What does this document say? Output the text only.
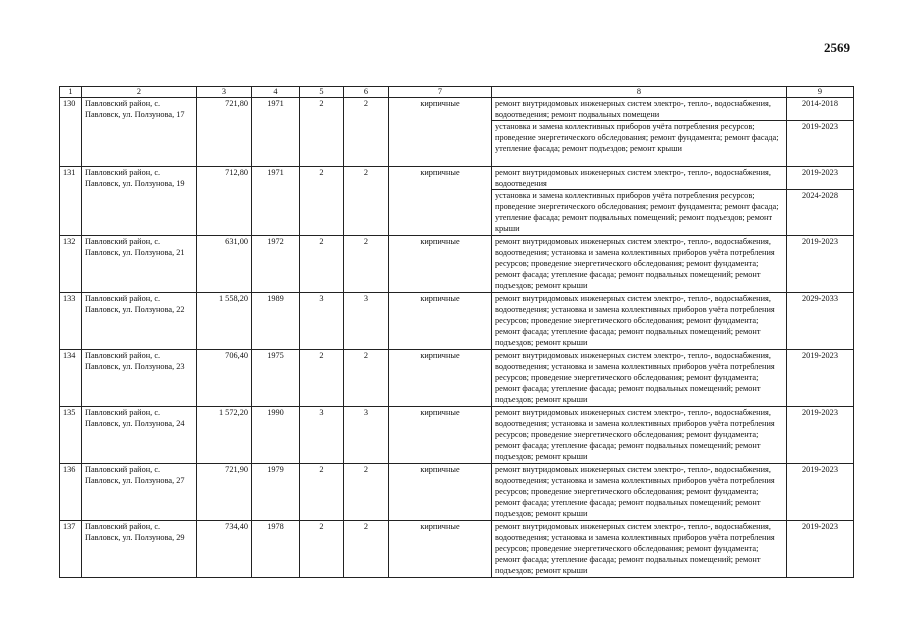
2569
1	2	3	4	5	6	7	8	9
130	Павловский район, с. Павловск, ул. Ползунова, 17	721,80	1971	2	2	кирпичные	ремонт внутридомовых инженерных систем электро-, тепло-, водоснабжения, водоотведения; ремонт подвальных помещени	2014-2018
							установка и замена коллективных приборов учёта потребления ресурсов; проведение энергетического обследования; ремонт фундамента; ремонт фасада; утепление фасада; ремонт подъездов; ремонт крыши	2019-2023
131	Павловский район, с. Павловск, ул. Ползунова, 19	712,80	1971	2	2	кирпичные	ремонт внутридомовых инженерных систем электро-, тепло-, водоснабжения, водоотведения	2019-2023
							установка и замена коллективных приборов учёта потребления ресурсов; проведение энергетического обследования; ремонт фундамента; ремонт фасада; утепление фасада; ремонт подвальных помещений; ремонт подъездов; ремонт крыши	2024-2028
132	Павловский район, с. Павловск, ул. Ползунова, 21	631,00	1972	2	2	кирпичные	ремонт внутридомовых инженерных систем электро-, тепло-, водоснабжения, водоотведения; установка и замена коллективных приборов учёта потребления ресурсов; проведение энергетического обследования; ремонт фундамента; ремонт фасада; утепление фасада; ремонт подвальных помещений; ремонт подъездов; ремонт крыши	2019-2023
133	Павловский район, с. Павловск, ул. Ползунова, 22	1 558,20	1989	3	3	кирпичные	ремонт внутридомовых инженерных систем электро-, тепло-, водоснабжения, водоотведения; установка и замена коллективных приборов учёта потребления ресурсов; проведение энергетического обследования; ремонт фундамента; ремонт фасада; утепление фасада; ремонт подвальных помещений; ремонт подъездов; ремонт крыши	2029-2033
134	Павловский район, с. Павловск, ул. Ползунова, 23	706,40	1975	2	2	кирпичные	ремонт внутридомовых инженерных систем электро-, тепло-, водоснабжения, водоотведения; установка и замена коллективных приборов учёта потребления ресурсов; проведение энергетического обследования; ремонт фундамента; ремонт фасада; утепление фасада; ремонт подвальных помещений; ремонт подъездов; ремонт крыши	2019-2023
135	Павловский район, с. Павловск, ул. Ползунова, 24	1 572,20	1990	3	3	кирпичные	ремонт внутридомовых инженерных систем электро-, тепло-, водоснабжения, водоотведения; установка и замена коллективных приборов учёта потребления ресурсов; проведение энергетического обследования; ремонт фундамента; ремонт фасада; утепление фасада; ремонт подвальных помещений; ремонт подъездов; ремонт крыши	2019-2023
136	Павловский район, с. Павловск, ул. Ползунова, 27	721,90	1979	2	2	кирпичные	ремонт внутридомовых инженерных систем электро-, тепло-, водоснабжения, водоотведения; установка и замена коллективных приборов учёта потребления ресурсов; проведение энергетического обследования; ремонт фундамента; ремонт фасада; утепление фасада; ремонт подвальных помещений; ремонт подъездов; ремонт крыши	2019-2023
137	Павловский район, с. Павловск, ул. Ползунова, 29	734,40	1978	2	2	кирпичные	ремонт внутридомовых инженерных систем электро-, тепло-, водоснабжения, водоотведения; установка и замена коллективных приборов учёта потребления ресурсов; проведение энергетического обследования; ремонт фундамента; ремонт фасада; утепление фасада; ремонт подвальных помещений; ремонт подъездов; ремонт крыши	2019-2023
